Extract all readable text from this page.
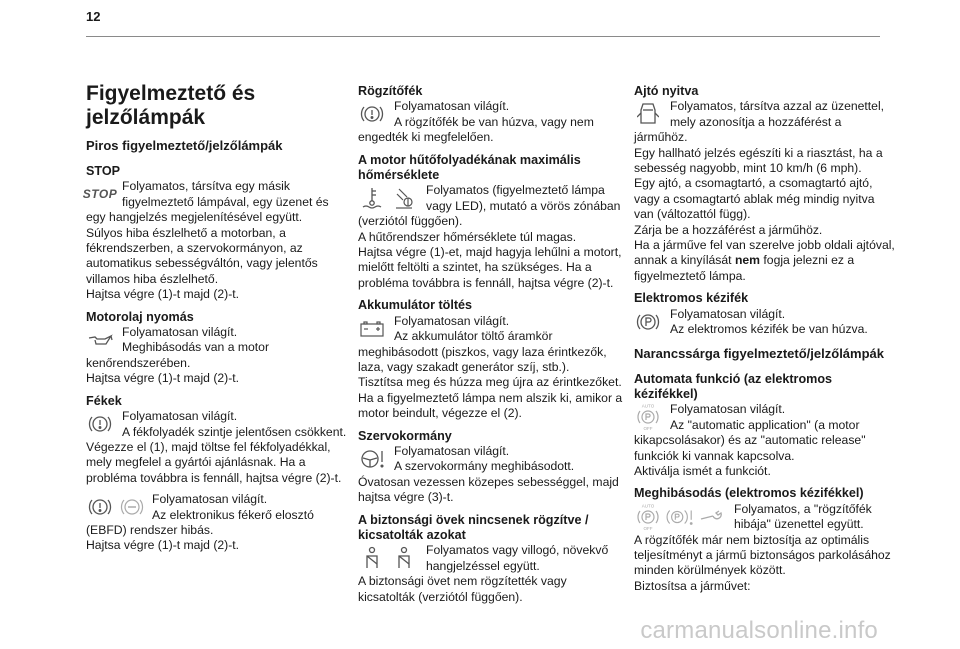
12
Figyelmeztető és
jelzőlámpák
Piros figyelmeztető/jelzőlámpák
STOP
STOP
Folyamatos, társítva egy másik figyelmeztető lámpával, egy üzenet és egy hangjelzés megjelenítésével együtt.
Súlyos hiba észlelhető a motorban, a fékrendszerben, a szervokormányon, az automatikus sebességváltón, vagy jelentős villamos hiba észlelhető.
Hajtsa végre (1)-t majd (2)-t.
Motorolaj nyomás
Folyamatosan világít.
Meghibásodás van a motor kenőrendszerében.
Hajtsa végre (1)-t majd (2)-t.
Fékek
Folyamatosan világít.
A fékfolyadék szintje jelentősen csökkent.
Végezze el (1), majd töltse fel fékfolyadékkal, mely megfelel a gyártói ajánlásnak. Ha a probléma továbbra is fennáll, hajtsa végre (2)-t.
Folyamatosan világít.
Az elektronikus fékerő elosztó (EBFD) rendszer hibás.
Hajtsa végre (1)-t majd (2)-t.
Rögzítőfék
Folyamatosan világít.
A rögzítőfék be van húzva, vagy nem engedték ki megfelelően.
A motor hűtőfolyadékának maximális hőmérséklete
Folyamatos (figyelmeztető lámpa vagy LED), mutató a vörös zónában (verziótól függően).
A hűtőrendszer hőmérséklete túl magas.
Hajtsa végre (1)-et, majd hagyja lehűlni a motort, mielőtt feltölti a szintet, ha szükséges. Ha a probléma továbbra is fennáll, hajtsa végre (2)-t.
Akkumulátor töltés
Folyamatosan világít.
Az akkumulátor töltő áramkör meghibásodott (piszkos, vagy laza érintkezők, laza, vagy szakadt generátor szíj, stb.).
Tisztítsa meg és húzza meg újra az érintkezőket. Ha a figyelmeztető lámpa nem alszik ki, amikor a motor beindult, végezze el (2).
Szervokormány
Folyamatosan világít.
A szervokormány meghibásodott.
Óvatosan vezessen közepes sebességgel, majd hajtsa végre (3)-t.
A biztonsági övek nincsenek rögzítve / kicsatolták azokat
Folyamatos vagy villogó, növekvő hangjelzéssel együtt.
A biztonsági övet nem rögzítették vagy kicsatolták (verziótól függően).
Ajtó nyitva
Folyamatos, társítva azzal az üzenettel, mely azonosítja a hozzáférést a járműhöz.
Egy hallható jelzés egészíti ki a riasztást, ha a sebesség nagyobb, mint 10 km/h (6 mph).
Egy ajtó, a csomagtartó, a csomagtartó ajtó, vagy a csomagtartó ablak még mindig nyitva van (változattól függ).
Zárja be a hozzáférést a járműhöz.
Ha a járműve fel van szerelve jobb oldali ajtóval, annak a kinyílását nem fogja jelezni ez a figyelmeztető lámpa.
Elektromos kézifék
Folyamatosan világít.
Az elektromos kézifék be van húzva.
Narancssárga figyelmeztető/jelzőlámpák
Automata funkció (az elektromos kézifékkel)
AUTO
OFF
Folyamatosan világít.
Az "automatic application" (a motor kikapcsolásakor) és az "automatic release" funkciók ki vannak kapcsolva.
Aktiválja ismét a funkciót.
Meghibásodás (elektromos kézifékkel)
AUTO
OFF
Folyamatos, a "rögzítőfék hibája" üzenettel együtt.
A rögzítőfék már nem biztosítja az optimális teljesítményt a jármű biztonságos parkolásához minden körülmények között.
Biztosítsa a járművet:
carmanualsonline.info
